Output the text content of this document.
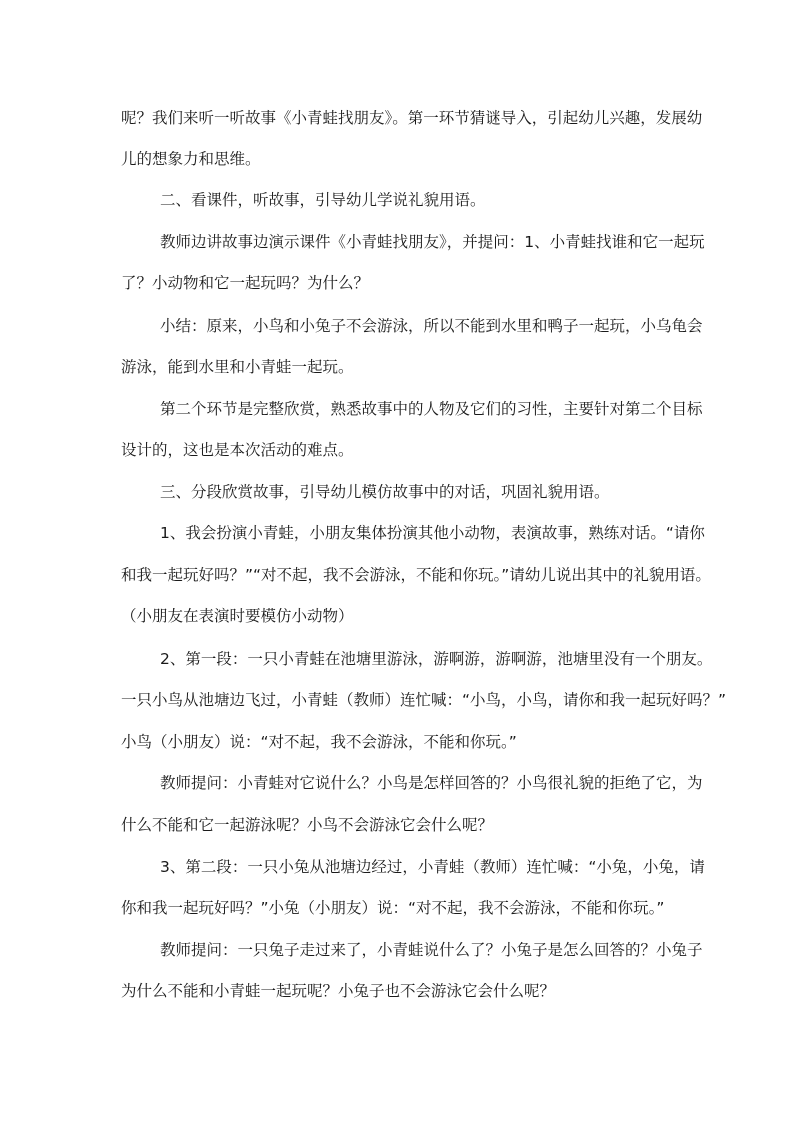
呢？我们来听一听故事《小青蛙找朋友》。第一环节猜谜导入，引起幼儿兴趣，发展幼
儿的想象力和思维。
二、看课件，听故事，引导幼儿学说礼貌用语。
教师边讲故事边演示课件《小青蛙找朋友》，并提问：1、小青蛙找谁和它一起玩
了？小动物和它一起玩吗？为什么？
小结：原来，小鸟和小兔子不会游泳，所以不能到水里和鸭子一起玩，小乌龟会
游泳，能到水里和小青蛙一起玩。
第二个环节是完整欣赏，熟悉故事中的人物及它们的习性，主要针对第二个目标
设计的，这也是本次活动的难点。
三、分段欣赏故事，引导幼儿模仿故事中的对话，巩固礼貌用语。
1、我会扮演小青蛙，小朋友集体扮演其他小动物，表演故事，熟练对话。“请你
和我一起玩好吗？”“对不起，我不会游泳，不能和你玩。”请幼儿说出其中的礼貌用语。
（小朋友在表演时要模仿小动物）
2、第一段：一只小青蛙在池塘里游泳，游啊游，游啊游，池塘里没有一个朋友。
一只小鸟从池塘边飞过，小青蛙（教师）连忙喊：“小鸟，小鸟，请你和我一起玩好吗？”
小鸟（小朋友）说：“对不起，我不会游泳，不能和你玩。”
教师提问：小青蛙对它说什么？小鸟是怎样回答的？小鸟很礼貌的拒绝了它，为
什么不能和它一起游泳呢？小鸟不会游泳它会什么呢？
3、第二段：一只小兔从池塘边经过，小青蛙（教师）连忙喊：“小兔，小兔，请
你和我一起玩好吗？”小兔（小朋友）说：“对不起，我不会游泳，不能和你玩。”
教师提问：一只兔子走过来了，小青蛙说什么了？小兔子是怎么回答的？小兔子
为什么不能和小青蛙一起玩呢？小兔子也不会游泳它会什么呢？
